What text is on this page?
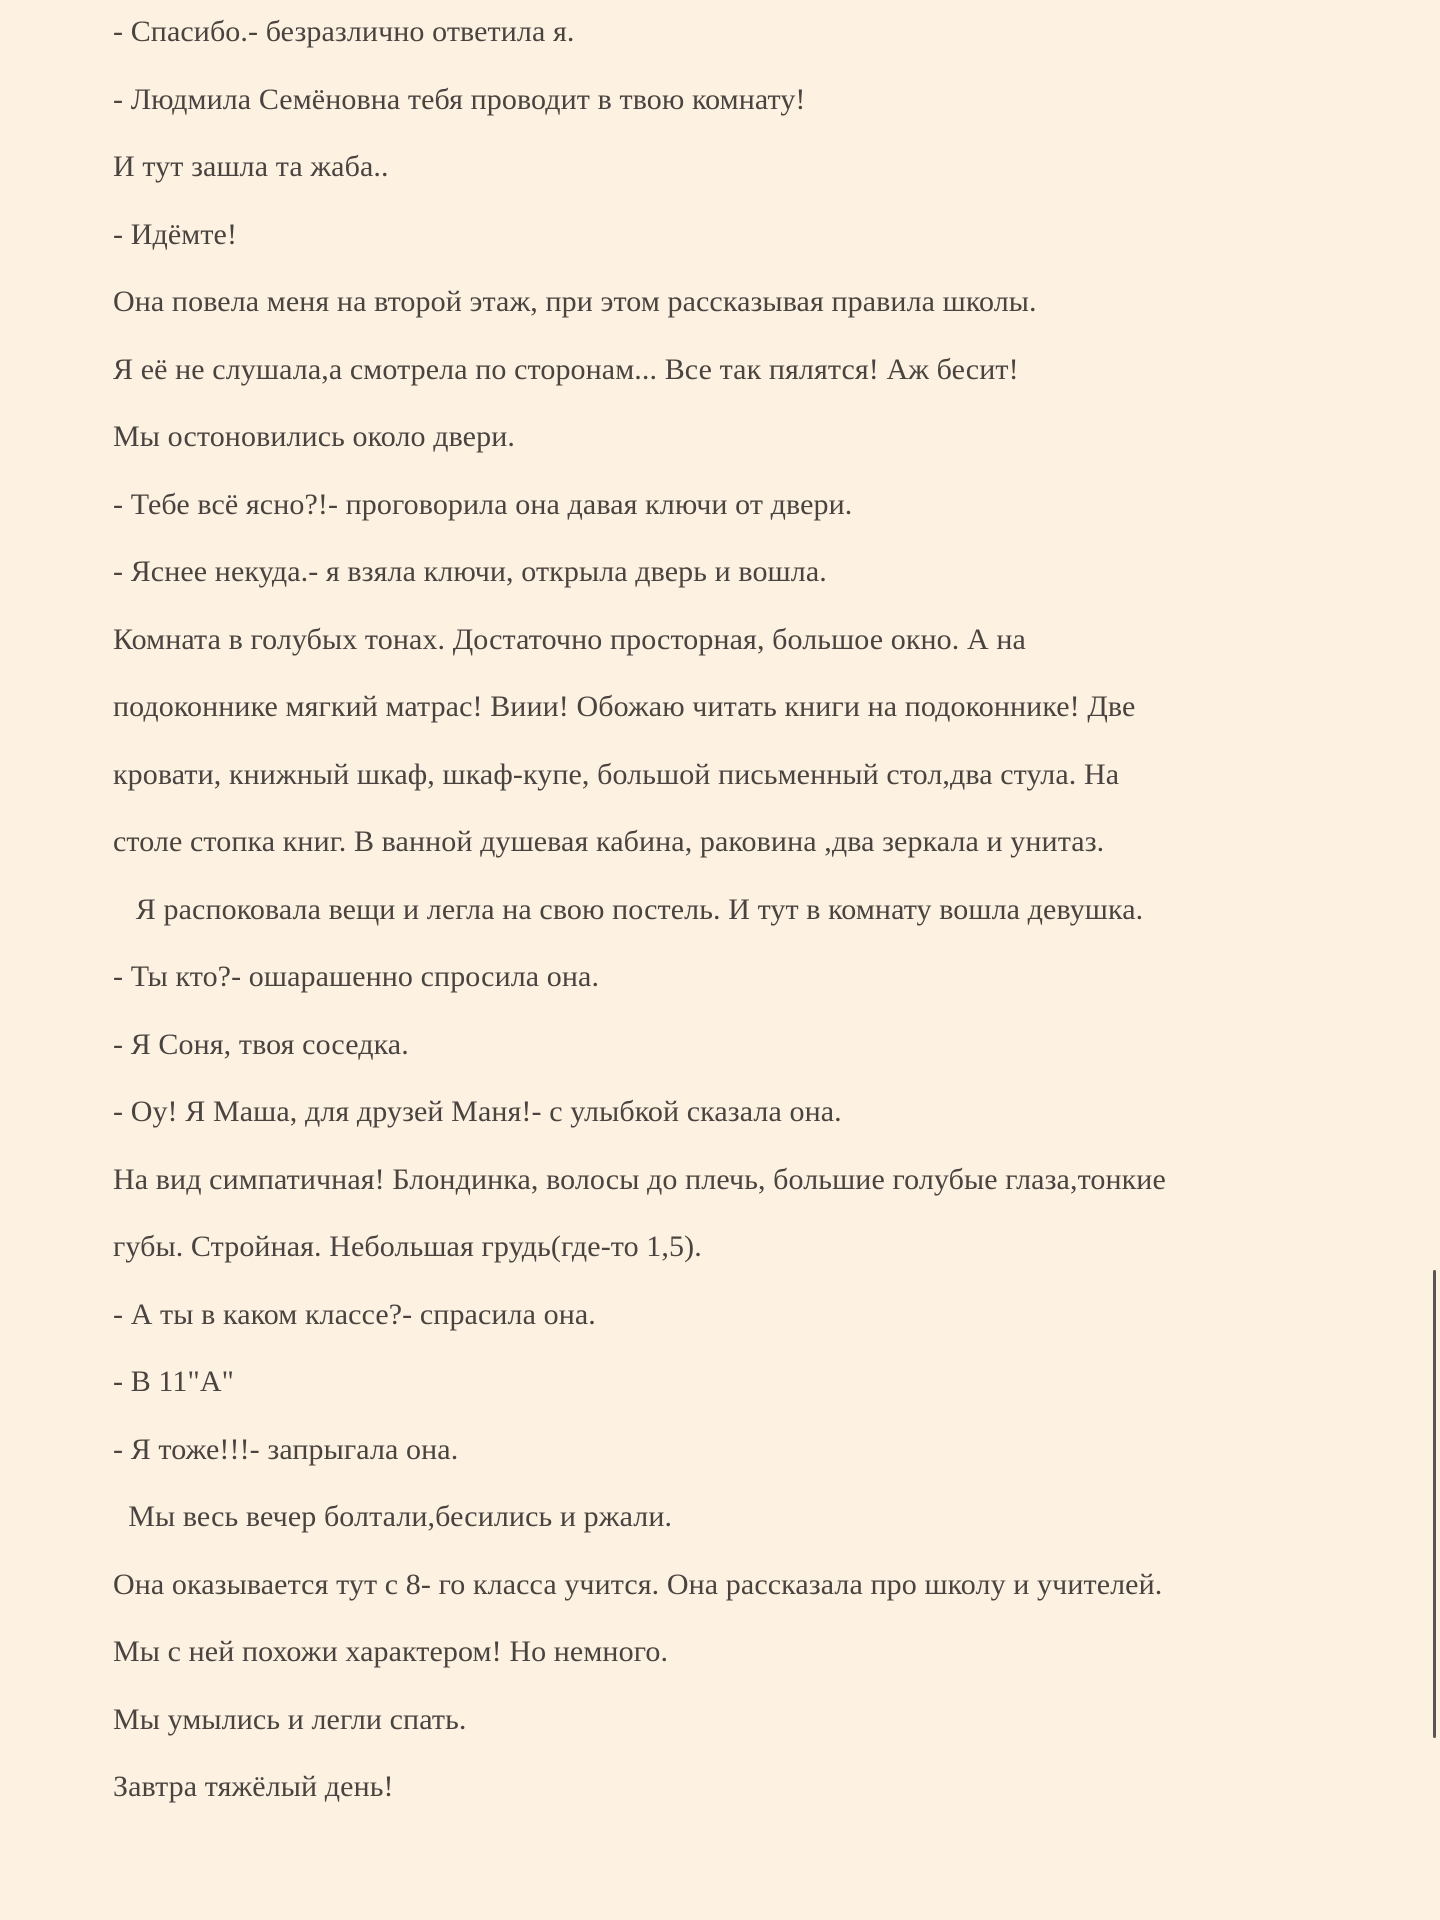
- Спасибо.- безразлично ответила я.
- Людмила Семёновна тебя проводит в твою комнату!
И тут зашла та жаба..
- Идёмте!
Она повела меня на второй этаж, при этом рассказывая правила школы.
Я её не слушала,а смотрела по сторонам... Все так пялятся! Аж бесит!
Мы остоновились около двери.
- Тебе всё ясно?!- проговорила она давая ключи от двери.
- Яснее некуда.- я взяла ключи, открыла дверь и вошла.
Комната в голубых тонах. Достаточно просторная, большое окно. А на
подоконнике мягкий матрас! Виии! Обожаю читать книги на подоконнике! Две
кровати, книжный шкаф, шкаф-купе, большой письменный стол,два стула. На
столе стопка книг. В ванной душевая кабина, раковина ,два зеркала и унитаз.
Я распоковала вещи и легла на свою постель. И тут в комнату вошла девушка.
- Ты кто?- ошарашенно спросила она.
- Я Соня, твоя соседка.
- Оу! Я Маша, для друзей Маня!- с улыбкой сказала она.
На вид симпатичная! Блондинка, волосы до плечь, большие голубые глаза,тонкие
губы. Стройная. Небольшая грудь(где-то 1,5).
- А ты в каком классе?- спрасила она.
- В 11"А"
- Я тоже!!!- запрыгала она.
Мы весь вечер болтали,бесились и ржали.
Она оказывается тут с 8- го класса учится. Она рассказала про школу и учителей.
Мы с ней похожи характером! Но немного.
Мы умылись и легли спать.
Завтра тяжёлый день!
